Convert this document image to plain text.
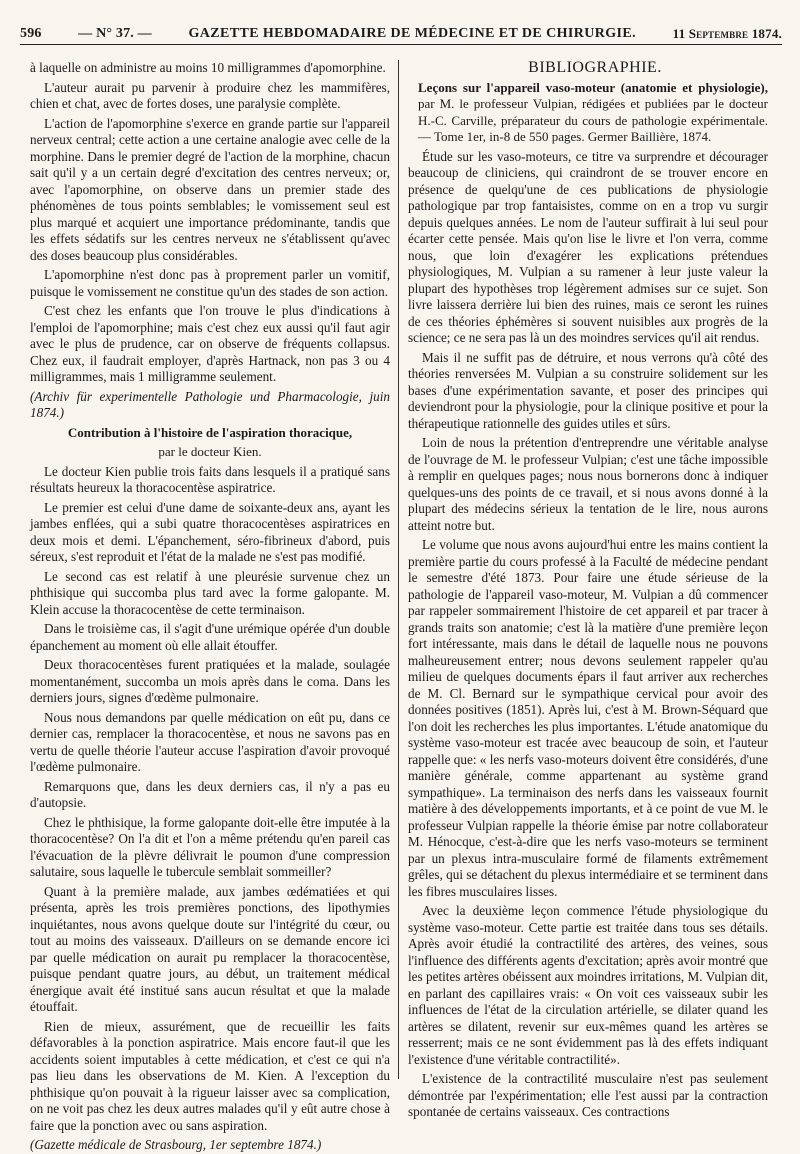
596	— N° 37. —	GAZETTE HEBDOMADAIRE DE MÉDECINE ET DE CHIRURGIE.	11 Septembre 1874.

à laquelle on administre au moins 10 milligrammes d'apomorphine.

L'auteur aurait pu parvenir à produire chez les mammifères, chien et chat, avec de fortes doses, une paralysie complète.

L'action de l'apomorphine s'exerce en grande partie sur l'appareil nerveux central; cette action a une certaine analogie avec celle de la morphine. Dans le premier degré de l'action de la morphine, chacun sait qu'il y a un certain degré d'excitation des centres nerveux; or, avec l'apomorphine, on observe dans un premier stade des phénomènes de tous points semblables; le vomissement seul est plus marqué et acquiert une importance prédominante, tandis que les effets sédatifs sur les centres nerveux ne s'établissent qu'avec des doses beaucoup plus considérables.

L'apomorphine n'est donc pas à proprement parler un vomitif, puisque le vomissement ne constitue qu'un des stades de son action.

C'est chez les enfants que l'on trouve le plus d'indications à l'emploi de l'apomorphine; mais c'est chez eux aussi qu'il faut agir avec le plus de prudence, car on observe de fréquents collapsus. Chez eux, il faudrait employer, d'après Hartnack, non pas 3 ou 4 milligrammes, mais 1 milligramme seulement.

(Archiv für experimentelle Pathologie und Pharmacologie, juin 1874.)

Contribution à l'histoire de l'aspiration thoracique,

par le docteur Kien.

Le docteur Kien publie trois faits dans lesquels il a pratiqué sans résultats heureux la thoracocentèse aspiratrice.

Le premier est celui d'une dame de soixante-deux ans, ayant les jambes enflées, qui a subi quatre thoracocentèses aspiratrices en deux mois et demi. L'épanchement, séro-fibrineux d'abord, puis séreux, s'est reproduit et l'état de la malade ne s'est pas modifié.

Le second cas est relatif à une pleurésie survenue chez un phthisique qui succomba plus tard avec la forme galopante. M. Klein accuse la thoracocentèse de cette terminaison.

Dans le troisième cas, il s'agit d'une urémique opérée d'un double épanchement au moment où elle allait étouffer.

Deux thoracocentèses furent pratiquées et la malade, soulagée momentanément, succomba un mois après dans le coma. Dans les derniers jours, signes d'œdème pulmonaire.

Nous nous demandons par quelle médication on eût pu, dans ce dernier cas, remplacer la thoracocentèse, et nous ne savons pas en vertu de quelle théorie l'auteur accuse l'aspiration d'avoir provoqué l'œdème pulmonaire.

Remarquons que, dans les deux derniers cas, il n'y a pas eu d'autopsie.

Chez le phthisique, la forme galopante doit-elle être imputée à la thoracocentèse? On l'a dit et l'on a même prétendu qu'en pareil cas l'évacuation de la plèvre délivrait le poumon d'une compression salutaire, sous laquelle le tubercule semblait sommeiller?

Quant à la première malade, aux jambes œdématiées et qui présenta, après les trois premières ponctions, des lipothymies inquiétantes, nous avons quelque doute sur l'intégrité du cœur, ou tout au moins des vaisseaux. D'ailleurs on se demande encore ici par quelle médication on aurait pu remplacer la thoracocentèse, puisque pendant quatre jours, au début, un traitement médical énergique avait été institué sans aucun résultat et que la malade étouffait.

Rien de mieux, assurément, que de recueillir les faits défavorables à la ponction aspiratrice. Mais encore faut-il que les accidents soient imputables à cette médication, et c'est ce qui n'a pas lieu dans les observations de M. Kien. A l'exception du phthisique qu'on pouvait à la rigueur laisser avec sa complication, on ne voit pas chez les deux autres malades qu'il y eût autre chose à faire que la ponction avec ou sans aspiration.

(Gazette médicale de Strasbourg, 1er septembre 1874.)

BIBLIOGRAPHIE.

Leçons sur l'appareil vaso-moteur (anatomie et physiologie), par M. le professeur Vulpian, rédigées et publiées par le docteur H.-C. Carville, préparateur du cours de pathologie expérimentale. — Tome 1er, in-8 de 550 pages. Germer Baillière, 1874.

Étude sur les vaso-moteurs, ce titre va surprendre et décourager beaucoup de cliniciens, qui craindront de se trouver encore en présence de quelqu'une de ces publications de physiologie pathologique par trop fantaisistes, comme on en a trop vu surgir depuis quelques années. Le nom de l'auteur suffirait à lui seul pour écarter cette pensée. Mais qu'on lise le livre et l'on verra, comme nous, que loin d'exagérer les explications prétendues physiologiques, M. Vulpian a su ramener à leur juste valeur la plupart des hypothèses trop légèrement admises sur ce sujet. Son livre laissera derrière lui bien des ruines, mais ce seront les ruines de ces théories éphémères si souvent nuisibles aux progrès de la science; ce ne sera pas là un des moindres services qu'il ait rendus.

Mais il ne suffit pas de détruire, et nous verrons qu'à côté des théories renversées M. Vulpian a su construire solidement sur les bases d'une expérimentation savante, et poser des principes qui deviendront pour la physiologie, pour la clinique positive et pour la thérapeutique rationnelle des guides utiles et sûrs.

Loin de nous la prétention d'entreprendre une véritable analyse de l'ouvrage de M. le professeur Vulpian; c'est une tâche impossible à remplir en quelques pages; nous nous bornerons donc à indiquer quelques-uns des points de ce travail, et si nous avons donné à la plupart des médecins sérieux la tentation de le lire, nous aurons atteint notre but.

Le volume que nous avons aujourd'hui entre les mains contient la première partie du cours professé à la Faculté de médecine pendant le semestre d'été 1873. Pour faire une étude sérieuse de la pathologie de l'appareil vaso-moteur, M. Vulpian a dû commencer par rappeler sommairement l'histoire de cet appareil et par tracer à grands traits son anatomie; c'est là la matière d'une première leçon fort intéressante, mais dans le détail de laquelle nous ne pouvons malheureusement entrer; nous devons seulement rappeler qu'au milieu de quelques documents épars il faut arriver aux recherches de M. Cl. Bernard sur le sympathique cervical pour avoir des données positives (1851). Après lui, c'est à M. Brown-Séquard que l'on doit les recherches les plus importantes. L'étude anatomique du système vaso-moteur est tracée avec beaucoup de soin, et l'auteur rappelle que: « les nerfs vaso-moteurs doivent être considérés, d'une manière générale, comme appartenant au système grand sympathique». La terminaison des nerfs dans les vaisseaux fournit matière à des développements importants, et à ce point de vue M. le professeur Vulpian rappelle la théorie émise par notre collaborateur M. Hénocque, c'est-à-dire que les nerfs vaso-moteurs se terminent par un plexus intra-musculaire formé de filaments extrêmement grêles, qui se détachent du plexus intermédiaire et se terminent dans les fibres musculaires lisses.

Avec la deuxième leçon commence l'étude physiologique du système vaso-moteur. Cette partie est traitée dans tous ses détails. Après avoir étudié la contractilité des artères, des veines, sous l'influence des différents agents d'excitation; après avoir montré que les petites artères obéissent aux moindres irritations, M. Vulpian dit, en parlant des capillaires vrais: « On voit ces vaisseaux subir les influences de l'état de la circulation artérielle, se dilater quand les artères se dilatent, revenir sur eux-mêmes quand les artères se resserrent; mais ce ne sont évidemment pas là des effets indiquant l'existence d'une véritable contractilité».

L'existence de la contractilité musculaire n'est pas seulement démontrée par l'expérimentation; elle l'est aussi par la contraction spontanée de certains vaisseaux. Ces contractions
